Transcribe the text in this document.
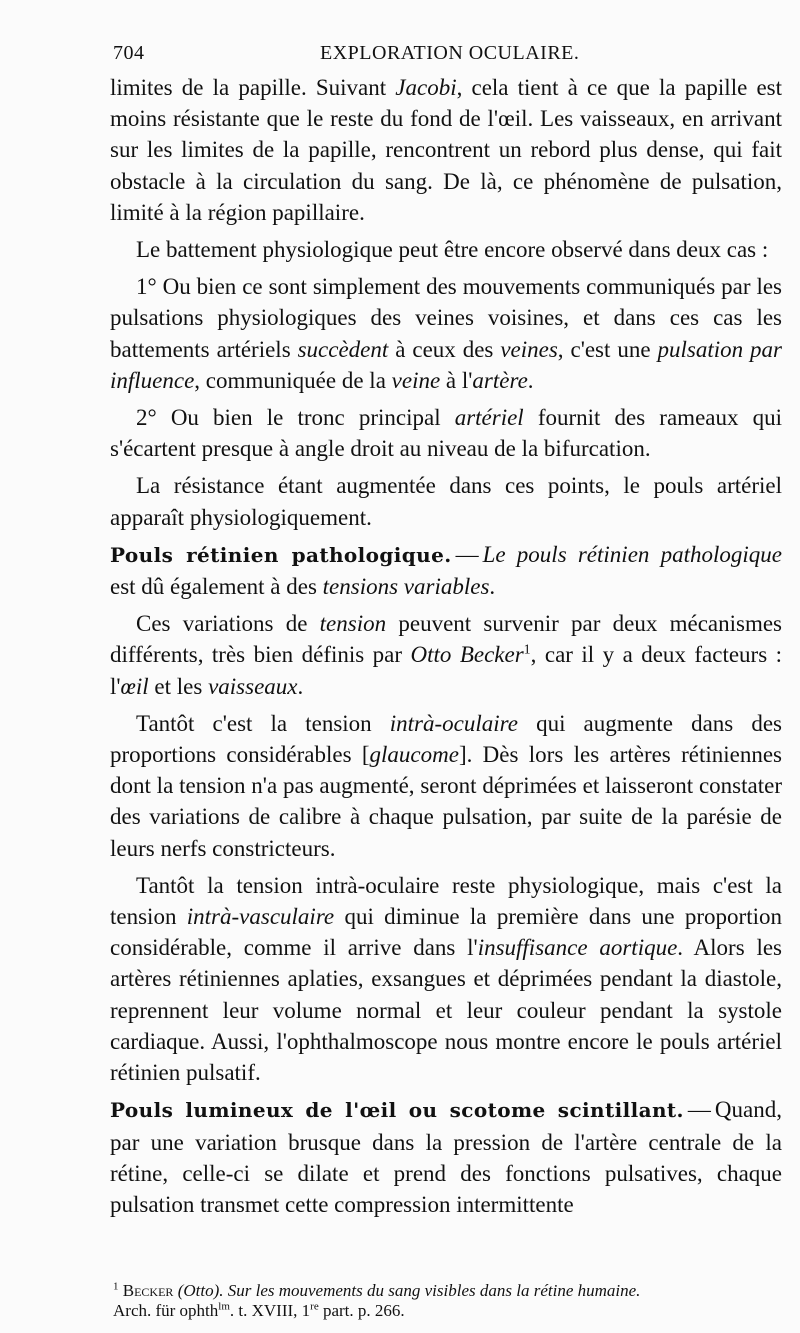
704	EXPLORATION OCULAIRE.

limites de la papille. Suivant Jacobi, cela tient à ce que la papille est moins résistante que le reste du fond de l'œil. Les vaisseaux, en arrivant sur les limites de la papille, rencontrent un rebord plus dense, qui fait obstacle à la circulation du sang. De là, ce phénomène de pulsation, limité à la région papillaire.

Le battement physiologique peut être encore observé dans deux cas :

1° Ou bien ce sont simplement des mouvements communiqués par les pulsations physiologiques des veines voisines, et dans ces cas les battements artériels succèdent à ceux des veines, c'est une pulsation par influence, communiquée de la veine à l'artère.

2° Ou bien le tronc principal artériel fournit des rameaux qui s'écartent presque à angle droit au niveau de la bifurcation.

La résistance étant augmentée dans ces points, le pouls artériel apparaît physiologiquement.

Pouls rétinien pathologique. — Le pouls rétinien pathologique est dû également à des tensions variables.

Ces variations de tension peuvent survenir par deux mécanismes différents, très bien définis par Otto Becker$^1$, car il y a deux facteurs : l'œil et les vaisseaux.

Tantôt c'est la tension intrà-oculaire qui augmente dans des proportions considérables [glaucome]. Dès lors les artères rétiniennes dont la tension n'a pas augmenté, seront déprimées et laisseront constater des variations de calibre à chaque pulsation, par suite de la parésie de leurs nerfs constricteurs.

Tantôt la tension intrà-oculaire reste physiologique, mais c'est la tension intrà-vasculaire qui diminue la première dans une proportion considérable, comme il arrive dans l'insuffisance aortique. Alors les artères rétiniennes aplaties, exsangues et déprimées pendant la diastole, reprennent leur volume normal et leur couleur pendant la systole cardiaque. Aussi, l'ophthalmoscope nous montre encore le pouls artériel rétinien pulsatif.

Pouls lumineux de l'œil ou scotome scintillant. — Quand, par une variation brusque dans la pression de l'artère centrale de la rétine, celle-ci se dilate et prend des fonctions pulsatives, chaque pulsation transmet cette compression intermittente

$^1$ Becker (Otto). Sur les mouvements du sang visibles dans la rétine humaine.
Arch. für ophth$^{lm}$. t. XVIII, 1re part. p. 266.
